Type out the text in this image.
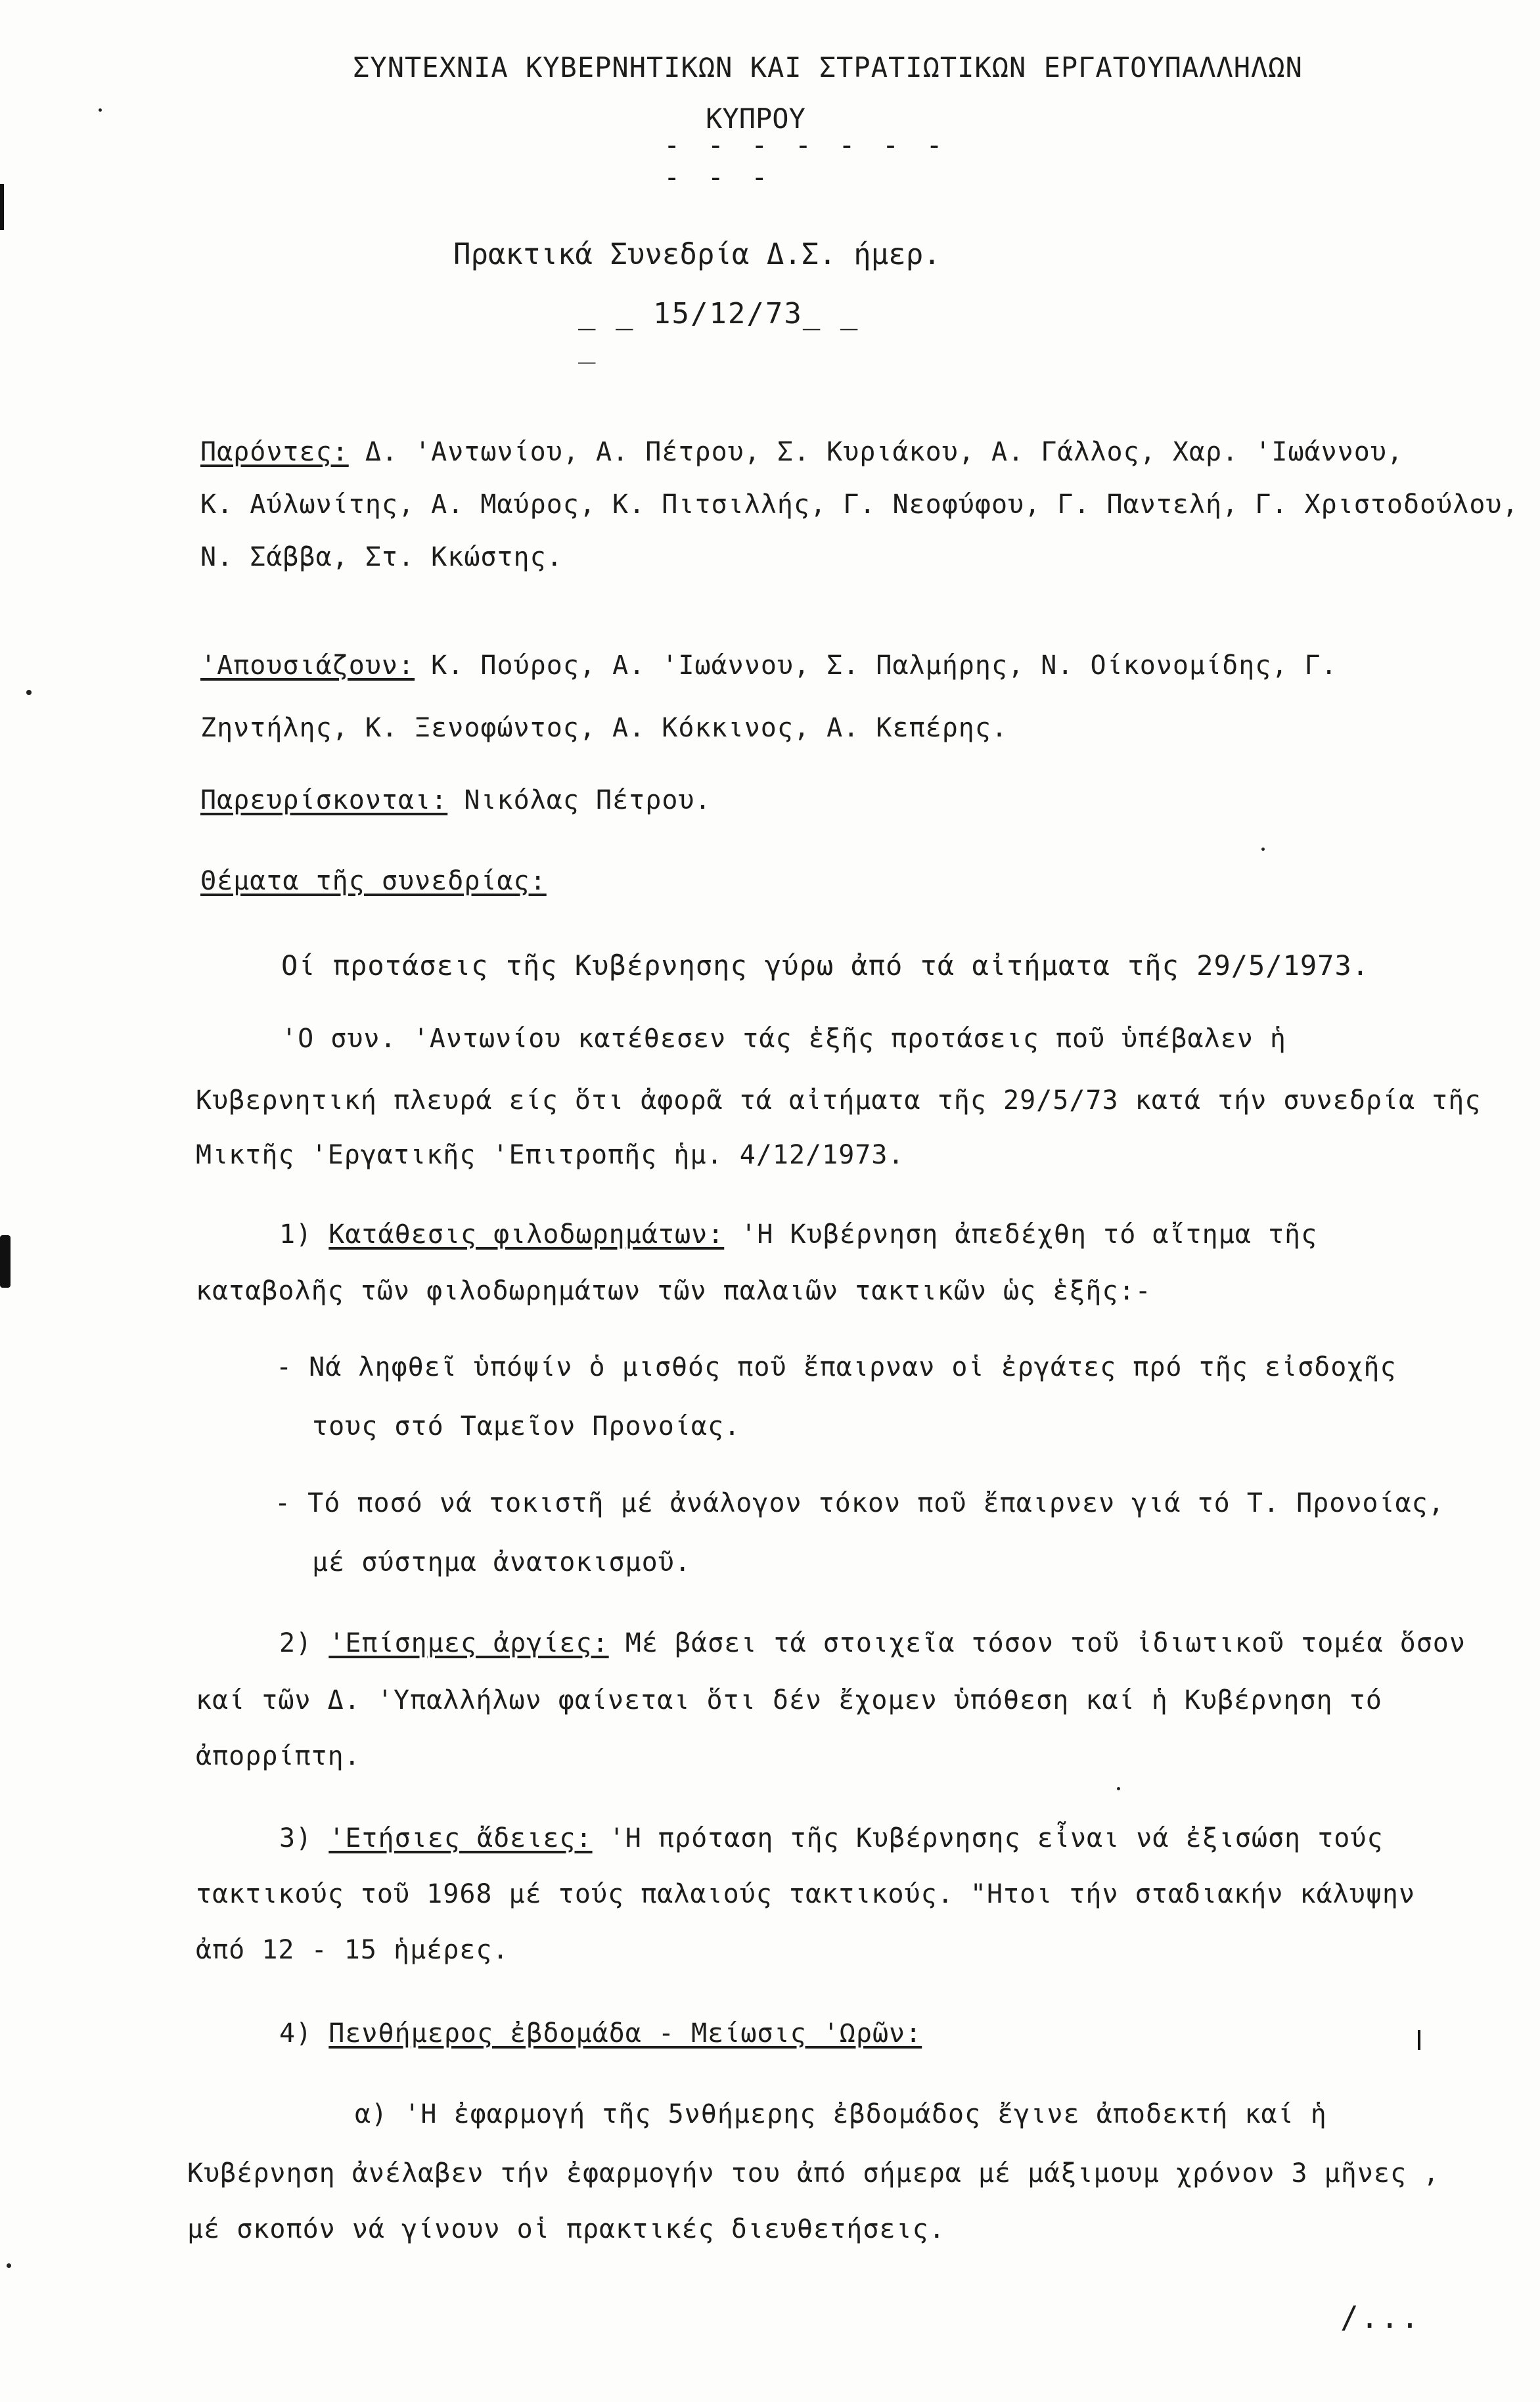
ΣΥΝΤΕΧΝΙΑ ΚΥΒΕΡΝΗΤΙΚΩΝ ΚΑΙ ΣΤΡΑΤΙΩΤΙΚΩΝ ΕΡΓΑΤΟΥΠΑΛΛΗΛΩΝ
ΚΥΠΡΟΥ
- - - - - - - - - -
Πρακτικά Συνεδρία Δ.Σ. ήμερ.
_ _ 15/12/73_ _ _
Παρόντες: Δ. 'Αντωνίου, Α. Πέτρου, Σ. Κυριάκου, Α. Γάλλος, Χαρ. 'Ιωάννου,
Κ. Αύλωνίτης, Α. Μαύρος, Κ. Πιτσιλλής, Γ. Νεοφύφου, Γ. Παντελή, Γ. Χριστοδούλου,
Ν. Σάββα, Στ. Κκώστης.
'Απουσιάζουν: Κ. Πούρος, Α. 'Ιωάννου, Σ. Παλμήρης, Ν. Οίκονομίδης, Γ.
Ζηντήλης, Κ. Ξενοφώντος, Α. Κόκκινος, Α. Κεπέρης.
Παρευρίσκονται: Νικόλας Πέτρου.
Θέματα τῆς συνεδρίας:
Οί προτάσεις τῆς Κυβέρνησης γύρω ἀπό τά αἰτήματα τῆς 29/5/1973.
'Ο συν. 'Αντωνίου κατέθεσεν τάς ἑξῆς προτάσεις ποῦ ὑπέβαλεν ἡ
Κυβερνητική πλευρά είς ὅτι ἀφορᾶ τά αἰτήματα τῆς 29/5/73 κατά τήν συνεδρία τῆς
Μικτῆς 'Εργατικῆς 'Επιτροπῆς ἡμ. 4/12/1973.
1) Κατάθεσις φιλοδωρημάτων: 'Η Κυβέρνηση ἀπεδέχθη τό αἴτημα τῆς
καταβολῆς τῶν φιλοδωρημάτων τῶν παλαιῶν τακτικῶν ὡς ἑξῆς:-
- Νά ληφθεῖ ὑπόψίν ὁ μισθός ποῦ ἔπαιρναν οἱ ἐργάτες πρό τῆς εἰσδοχῆς
τους στό Ταμεῖον Προνοίας.
- Τό ποσό νά τοκιστῆ μέ ἀνάλογον τόκον ποῦ ἔπαιρνεν γιά τό Τ. Προνοίας,
μέ σύστημα ἀνατοκισμοῦ.
2) 'Επίσημες ἀργίες: Μέ βάσει τά στοιχεῖα τόσον τοῦ ἰδιωτικοῦ τομέα ὅσον
καί τῶν Δ. 'Υπαλλήλων φαίνεται ὅτι δέν ἔχομεν ὑπόθεση καί ἡ Κυβέρνηση τό
ἀπορρίπτη.
3) 'Ετήσιες ἄδειες: 'Η πρόταση τῆς Κυβέρνησης εἶναι νά ἐξισώση τούς
τακτικούς τοῦ 1968 μέ τούς παλαιούς τακτικούς. "Ητοι τήν σταδιακήν κάλυψην
ἀπό 12 - 15 ἡμέρες.
4) Πενθήμερος ἐβδομάδα - Μείωσις 'Ωρῶν:
α) 'Η ἐφαρμογή τῆς 5νθήμερης ἐβδομάδος ἔγινε ἀποδεκτή καί ἡ
Κυβέρνηση ἀνέλαβεν τήν ἐφαρμογήν του ἀπό σήμερα μέ μάξιμουμ χρόνον 3 μῆνες ,
μέ σκοπόν νά γίνουν οἱ πρακτικές διευθετήσεις.
/...
